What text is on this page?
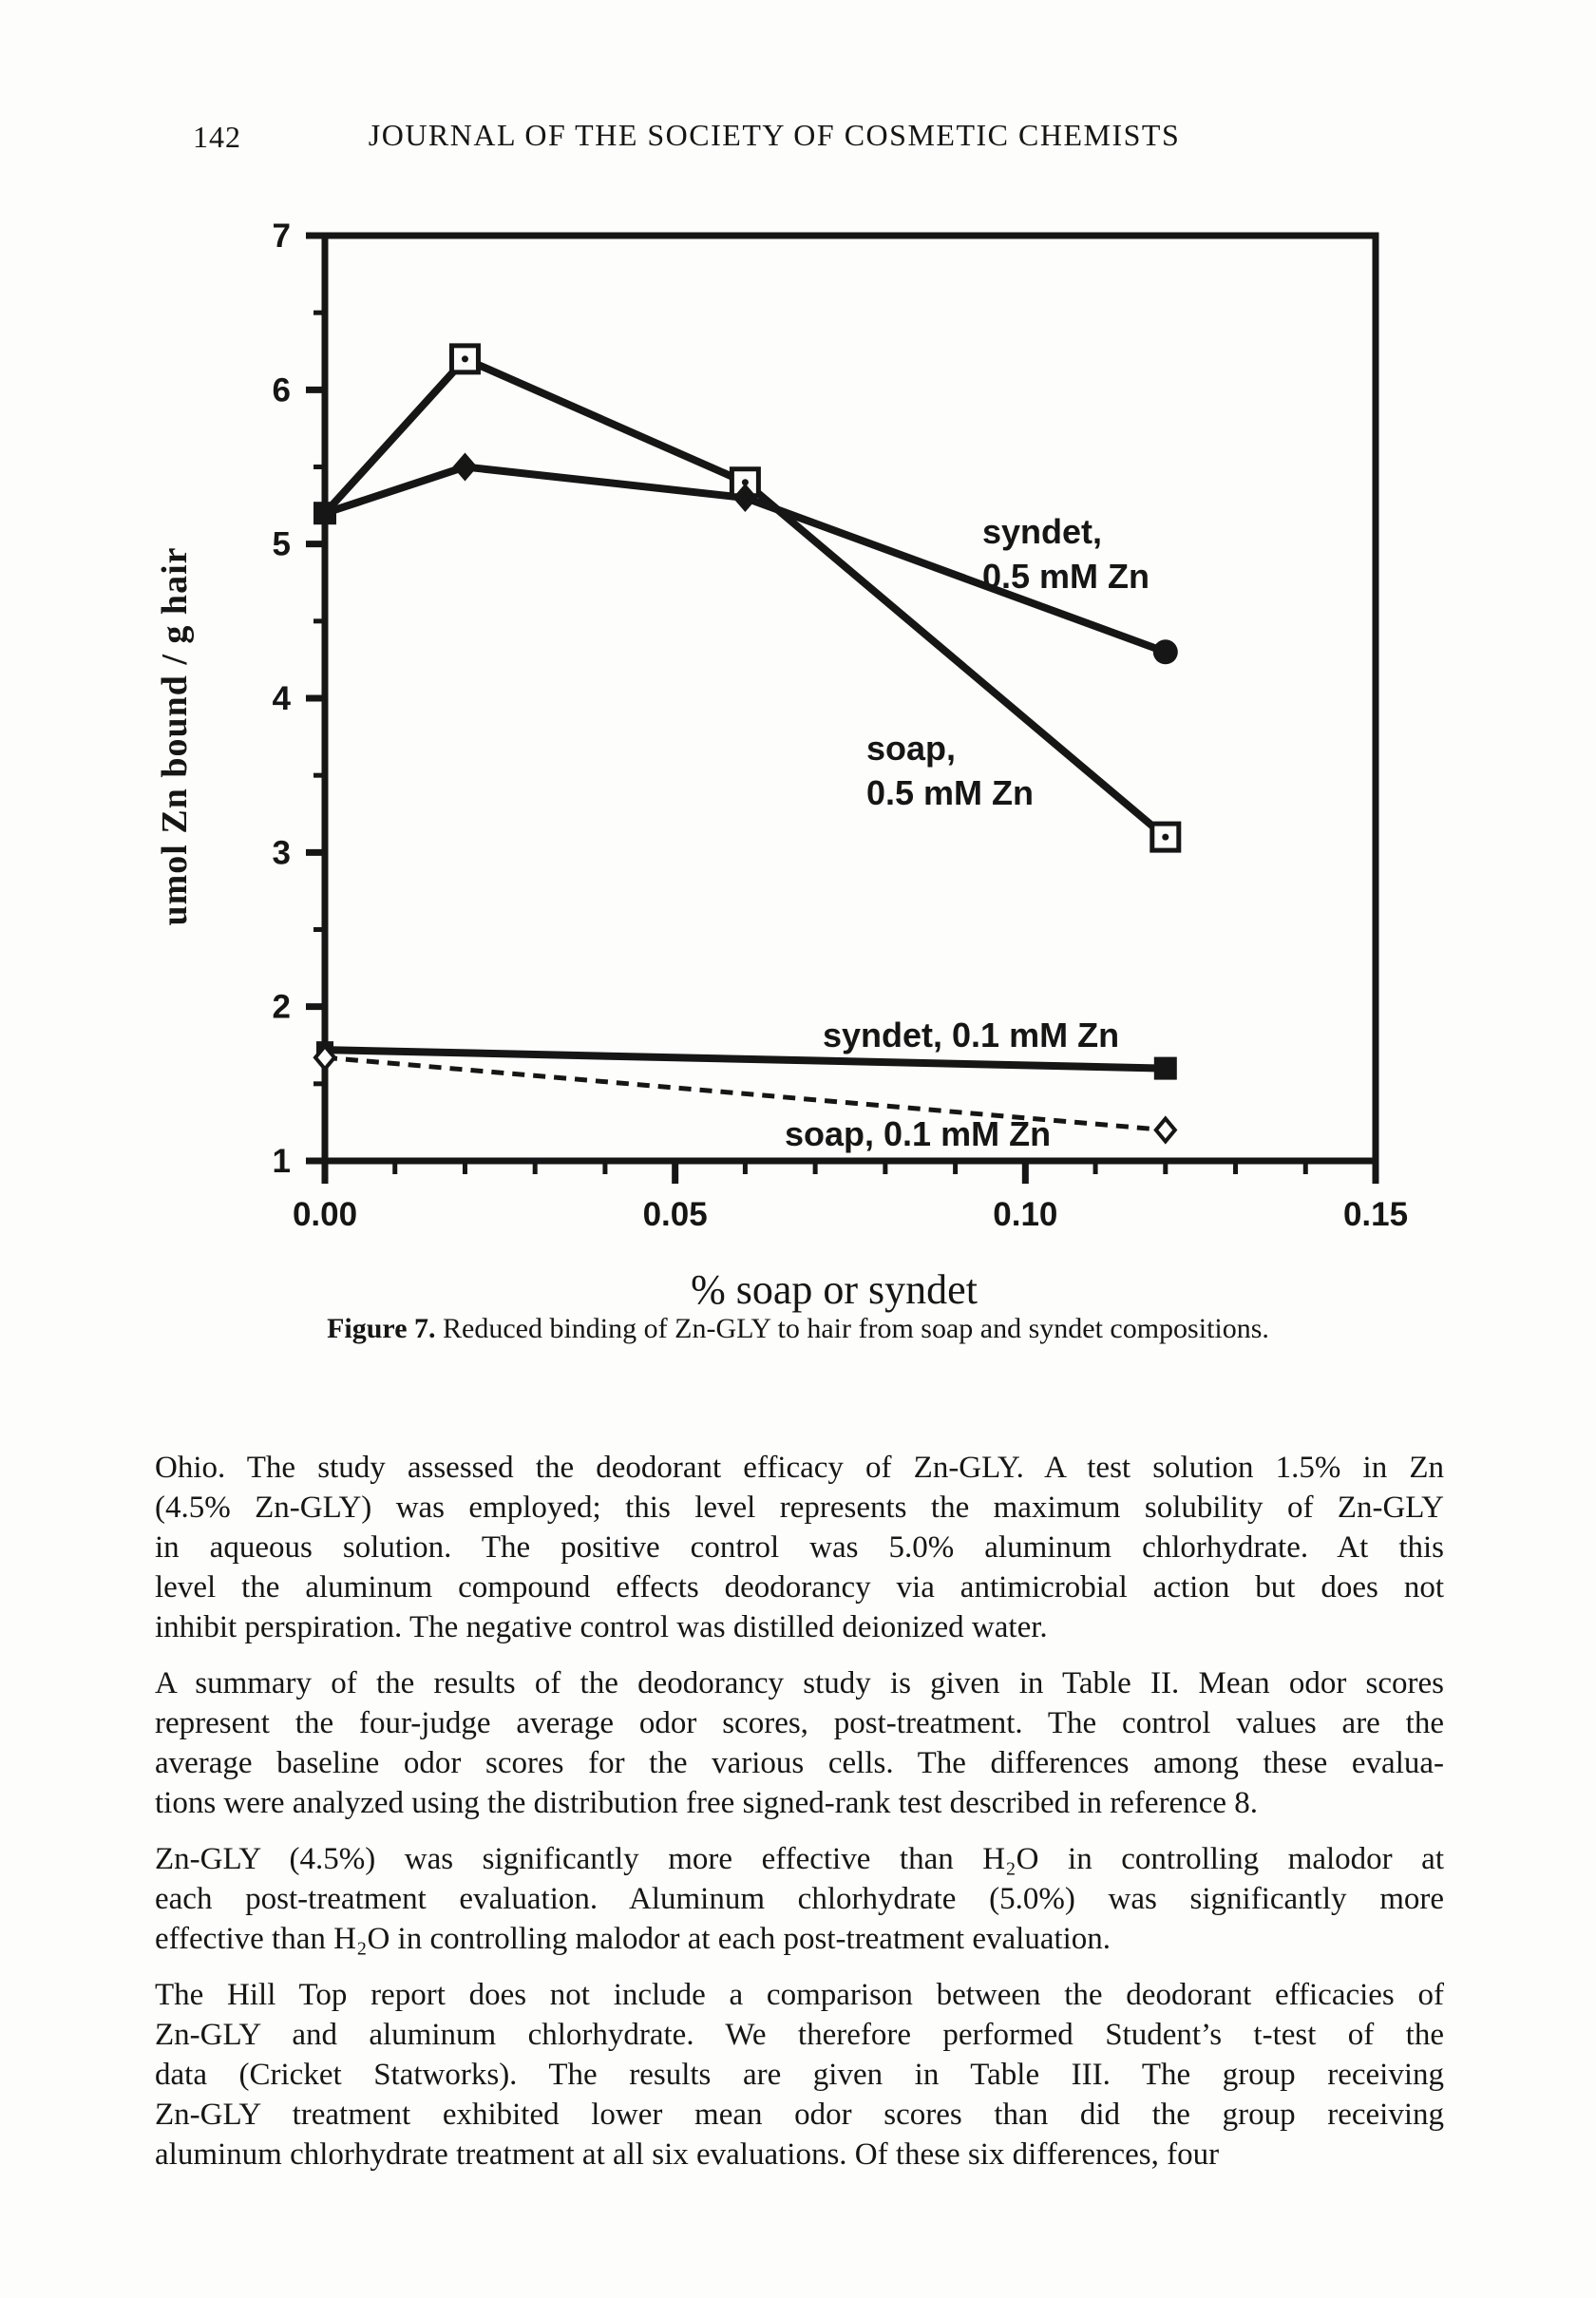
142	JOURNAL OF THE SOCIETY OF COSMETIC CHEMISTS
1
2
3
4
5
6
7
0.00	0.05	0.10	0.15
syndet,
0.5 mM Zn
soap,
0.5 mM Zn
syndet, 0.1 mM Zn
soap, 0.1 mM Zn
% soap or syndet
umol Zn bound / g hair
Figure 7. Reduced binding of Zn-GLY to hair from soap and syndet compositions.
Ohio. The study assessed the deodorant efficacy of Zn-GLY. A test solution 1.5% in Zn
(4.5% Zn-GLY) was employed; this level represents the maximum solubility of Zn-GLY
in aqueous solution. The positive control was 5.0% aluminum chlorhydrate. At this
level the aluminum compound effects deodorancy via antimicrobial action but does not
inhibit perspiration. The negative control was distilled deionized water.
A summary of the results of the deodorancy study is given in Table II. Mean odor scores
represent the four-judge average odor scores, post-treatment. The control values are the
average baseline odor scores for the various cells. The differences among these evalua-
tions were analyzed using the distribution free signed-rank test described in reference 8.
Zn-GLY (4.5%) was significantly more effective than H₂O in controlling malodor at
each post-treatment evaluation. Aluminum chlorhydrate (5.0%) was significantly more
effective than H₂O in controlling malodor at each post-treatment evaluation.
The Hill Top report does not include a comparison between the deodorant efficacies of
Zn-GLY and aluminum chlorhydrate. We therefore performed Student’s t-test of the
data (Cricket Statworks). The results are given in Table III. The group receiving
Zn-GLY treatment exhibited lower mean odor scores than did the group receiving
aluminum chlorhydrate treatment at all six evaluations. Of these six differences, four
